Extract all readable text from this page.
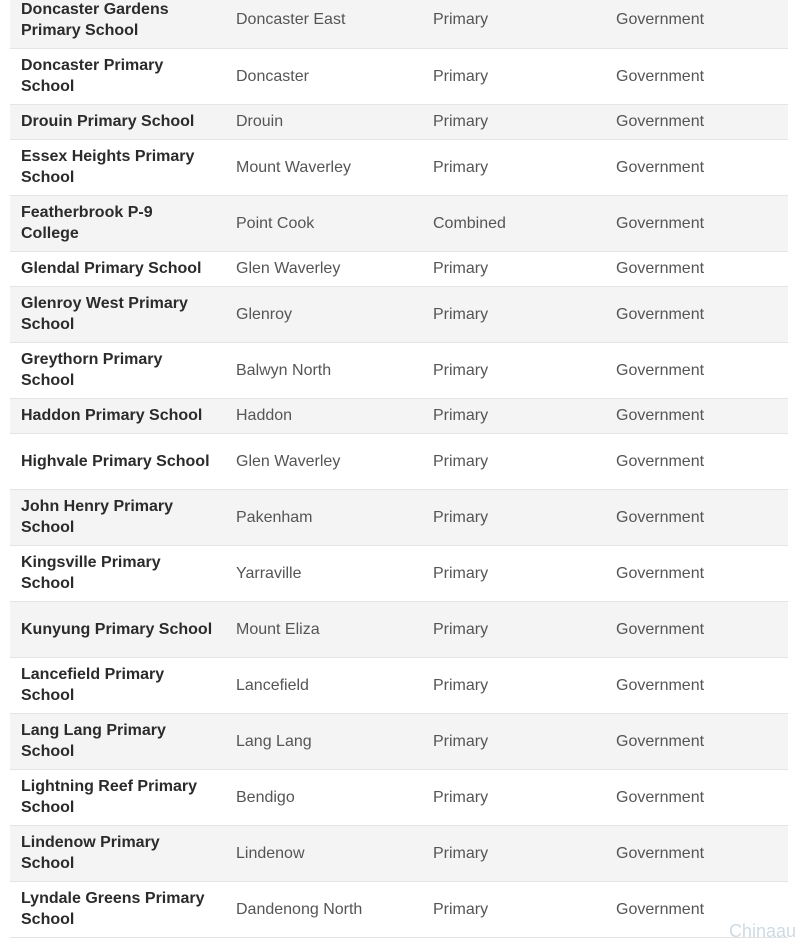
Doncaster Gardens Primary School	Doncaster East	Primary	Government
Doncaster Primary School	Doncaster	Primary	Government
Drouin Primary School	Drouin	Primary	Government
Essex Heights Primary School	Mount Waverley	Primary	Government
Featherbrook P-9 College	Point Cook	Combined	Government
Glendal Primary School	Glen Waverley	Primary	Government
Glenroy West Primary School	Glenroy	Primary	Government
Greythorn Primary School	Balwyn North	Primary	Government
Haddon Primary School	Haddon	Primary	Government
Highvale Primary School	Glen Waverley	Primary	Government
John Henry Primary School	Pakenham	Primary	Government
Kingsville Primary School	Yarraville	Primary	Government
Kunyung Primary School	Mount Eliza	Primary	Government
Lancefield Primary School	Lancefield	Primary	Government
Lang Lang Primary School	Lang Lang	Primary	Government
Lightning Reef Primary School	Bendigo	Primary	Government
Lindenow Primary School	Lindenow	Primary	Government
Lyndale Greens Primary School	Dandenong North	Primary	Government
Chinaau
